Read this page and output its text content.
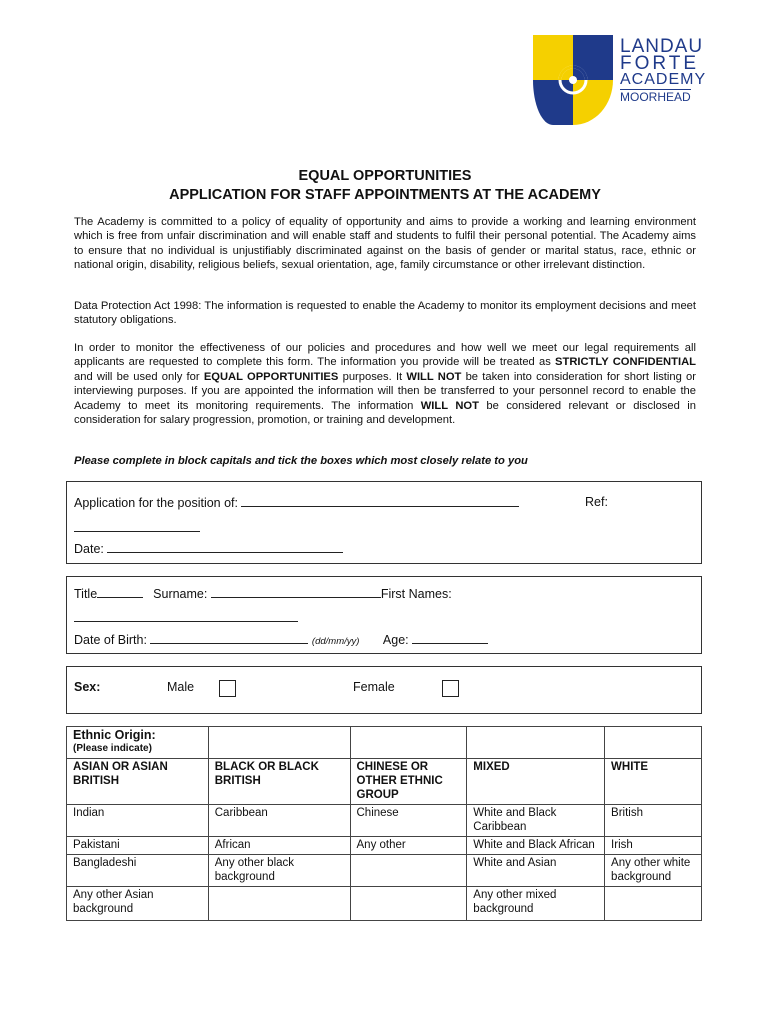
LANDAU
FORTE
ACADEMY
MOORHEAD
EQUAL OPPORTUNITIES
APPLICATION FOR STAFF APPOINTMENTS AT THE ACADEMY

The Academy is committed to a policy of equality of opportunity and aims to provide a working and learning environment which is free from unfair discrimination and will enable staff and students to fulfil their personal potential. The Academy aims to ensure that no individual is unjustifiably discriminated against on the basis of gender or marital status, race, ethnic or national origin, disability, religious beliefs, sexual orientation, age, family circumstance or other irrelevant distinction.

Data Protection Act 1998: The information is requested to enable the Academy to monitor its employment decisions and meet statutory obligations.

In order to monitor the effectiveness of our policies and procedures and how well we meet our legal requirements all applicants are requested to complete this form. The information you provide will be treated as STRICTLY CONFIDENTIAL and will be used only for EQUAL OPPORTUNITIES purposes. It WILL NOT be taken into consideration for short listing or interviewing purposes. If you are appointed the information will then be transferred to your personnel record to enable the Academy to meet its monitoring requirements. The information WILL NOT be considered relevant or disclosed in consideration for salary progression, promotion, or training and development.

Please complete in block capitals and tick the boxes which most closely relate to you

Application for the position of:	Ref:
Date:
Title	Surname:	First Names:
Date of Birth:	(dd/mm/yy) Age:
Sex:	Male	Female
Ethnic Origin:
(Please indicate)				

ASIAN OR ASIAN BRITISH	BLACK OR BLACK BRITISH	CHINESE OR OTHER ETHNIC GROUP	MIXED	WHITE
Indian	Caribbean	Chinese	White and Black Caribbean	British
Pakistani	African	Any other	White and Black African	Irish
Bangladeshi	Any other black background		White and Asian	Any other white background
Any other Asian background			Any other mixed background	
